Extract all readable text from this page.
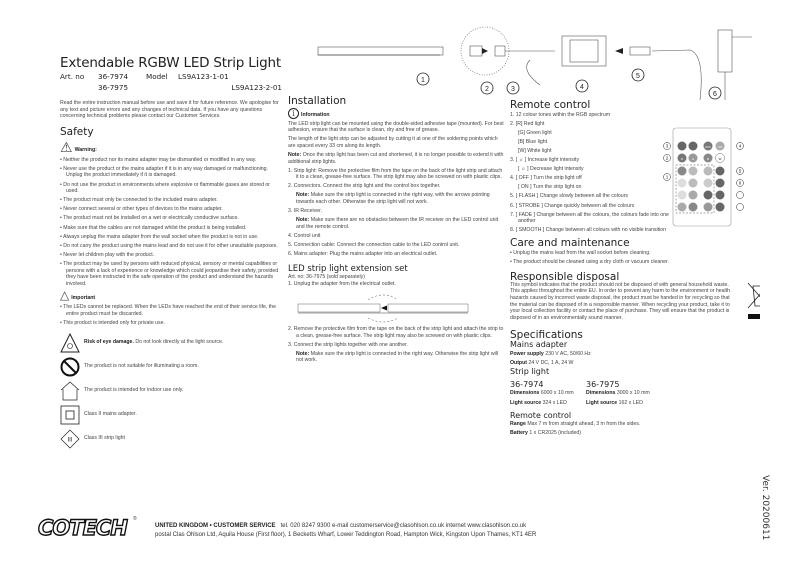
1
2	3	4
5
6
Extendable RGBW LED Strip Light
Art. no	36-7974	Model	LS9A123-1-01
36-7975	LS9A123-2-01

Read the entire instruction manual before use and save it for future reference. We apologise for any text and picture errors and any changes of technical data. If you have any questions concerning technical problems please contact our Customer Services.

Safety
⚠ Warning:
• Neither the product nor its mains adapter may be dismantled or modified in any way.
• Never use the product or the mains adapter if it is in any way damaged or malfunctioning. Unplug the product immediately if it is damaged.
• Do not use the product in environments where explosive or flammable gases are stored or used.
• The product must only be connected to the included mains adapter.
• Never connect several or other types of devices to the mains adapter.
• The product must not be installed on a wet or electrically conductive surface.
• Make sure that the cables are not damaged whilst the product is being installed.
• Always unplug the mains adapter from the wall socket when the product is not in use.
• Do not carry the product using the mains lead and do not use it for other unsuitable purposes.
• Never let children play with the product.
• The product may be used by persons with reduced physical, sensory or mental capabilities or persons with a lack of experience or knowledge which could jeopardise their safety, provided they have been instructed in the safe operation of the product and understand the hazards involved.
△ Important
• The LEDs cannot be replaced. When the LEDs have reached the end of their service life, the entire product must be discarded.
• This product is intended only for private use.
Risk of eye damage. Do not look directly at the light source.
The product is not suitable for illuminating a room.
The product is intended for indoor use only.
Class II mains adapter.
III Class III strip light
Installation
i	Information

The LED strip light can be mounted using the double-sided adhesive tape (mounted). For best adhesion, ensure that the surface is clean, dry and free of grease.

The length of the light strip can be adjusted by cutting it at one of the soldering points which are spaced every 33 cm along its length.

Note: Once the strip light has been cut and shortened, it is no longer possible to extend it with additional strip lights.

1. Strip light: Remove the protective film from the tape on the back of the light strip and attach it to a clean, grease-free surface. The strip light may also be screwed on with plastic clips.
2. Connectors. Connect the strip light and the control box together.
Note: Make sure the strip light is connected in the right way, with the arrows pointing towards each other. Otherwise the strip light will not work.
3. IR Receiver.
Note: Make sure there are no obstacles between the IR receiver on the LED control unit and the remote control.
4. Control unit
5. Connection cable: Connect the connection cable to the LED control unit.
6. Mains adapter: Plug the mains adapter into an electrical outlet.
LED strip light extension set

Art. no: 36-7975 (sold separately)

1. Unplug the adapter from the electrical outlet.

2. Remove the protective film from the tape on the back of the strip light and attach the strip to a clean, grease-free surface. The strip light may also be screwed on with plastic clips.

3. Connect the strip lights together with one another.

Note: Make sure the strip light is connected in the right way. Otherwise the strip light will not work.

Remote control
1. 12 colour tones within the RGB spectrum
2. [R] Red light
[G] Green light
[B] Blue light
[W] White light
3. [ ☼ ] Increase light intensity
[ ☼ ] Decrease light intensity
4. [ OFF ] Turn the strip light off
[ ON ] Turn the strip light on
5. [ FLASH ] Change slowly between all the colours
6. [ STROBE ] Change quickly between all the colours
7. [ FADE ] Change between all the colours, the colours fade into one another
8. [ SMOOTH ] Change between all colours with no visible transition
Care and maintenance
• Unplug the mains lead from the wall socket before cleaning.
• The product should be cleaned using a dry cloth or vacuum cleaner.
Responsible disposal

This symbol indicates that the product should not be disposed of with general household waste. This applies throughout the entire EU. In order to prevent any harm to the environment or health hazards caused by incorrect waste disposal, the product must be handed in for recycling so that the material can be disposed of in a responsible manner. When recycling your product, take it to your local collection facility or contact the place of purchase. They will ensure that the product is disposed of in an environmentally sound manner.

Specifications
Mains adapter

Power supply 230 V AC, 50/60 Hz

Output 24 V DC, 1 A, 24 W

Strip light
36-7974	36-7975

Dimensions 6000 x 10 mm	Dimensions 3000 x 10 mm

Light source 324 x LED	Light source 162 x LED

Remote control

Range Max 7 m from straight ahead, 3 m from the sides.

Battery 1 x CR2025 (included)

OFF ON
R	G	B	W
3
2
1
4
5
6
Ver. 20200611
COTECH ®
UNITED KINGDOM • CUSTOMER SERVICE tel. 020 8247 9300 e-mail customerservice@clasohlson.co.uk internet www.clasohlson.co.uk
postal Clas Ohlson Ltd, Aquila House (First floor), 1 Becketts Wharf, Lower Teddington Road, Hampton Wick, Kingston Upon Thames, KT1 4ER
